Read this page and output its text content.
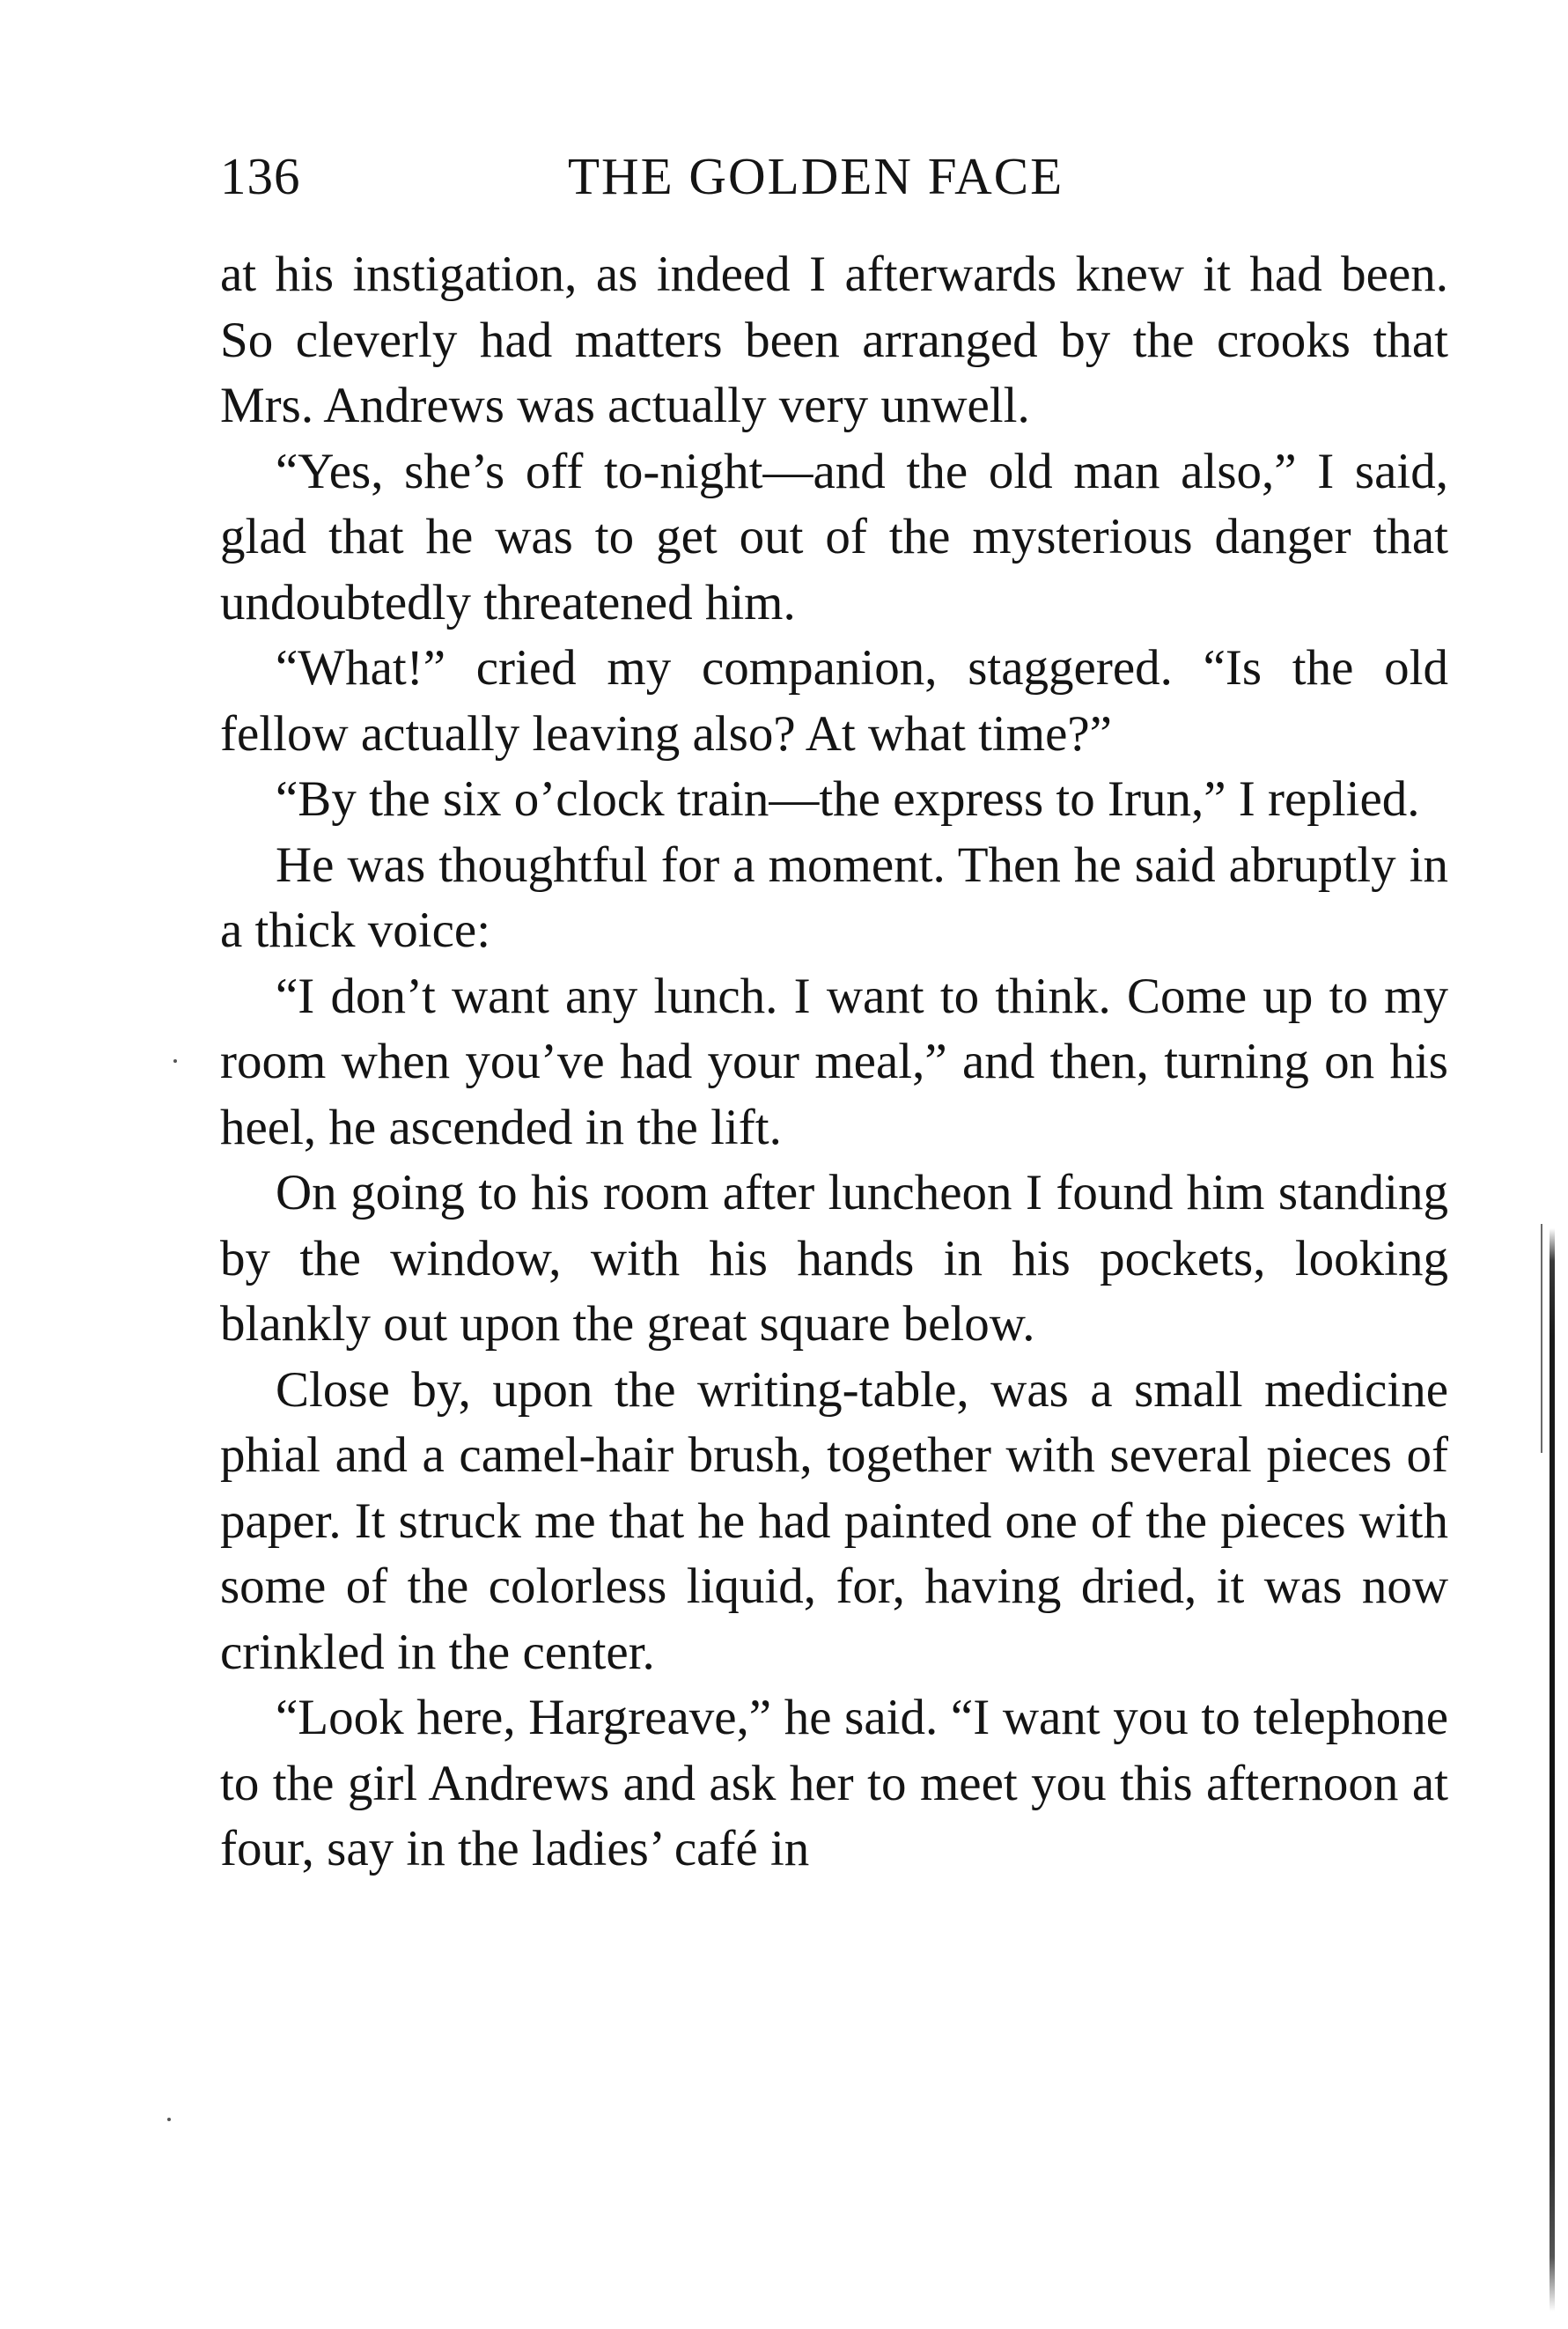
136	THE GOLDEN FACE

at his instigation, as indeed I afterwards knew it had been. So cleverly had matters been arranged by the crooks that Mrs. Andrews was actually very unwell.

“Yes, she’s off to-night—and the old man also,” I said, glad that he was to get out of the mysterious danger that undoubtedly threatened him.

“What!” cried my companion, staggered. “Is the old fellow actually leaving also? At what time?”

“By the six o’clock train—the express to Irun,” I replied.

He was thoughtful for a moment. Then he said abruptly in a thick voice:

“I don’t want any lunch. I want to think. Come up to my room when you’ve had your meal,” and then, turning on his heel, he ascended in the lift.

On going to his room after luncheon I found him standing by the window, with his hands in his pockets, looking blankly out upon the great square below.

Close by, upon the writing-table, was a small medicine phial and a camel-hair brush, together with several pieces of paper. It struck me that he had painted one of the pieces with some of the colorless liquid, for, having dried, it was now crinkled in the center.

“Look here, Hargreave,” he said. “I want you to telephone to the girl Andrews and ask her to meet you this afternoon at four, say in the ladies’ café in
